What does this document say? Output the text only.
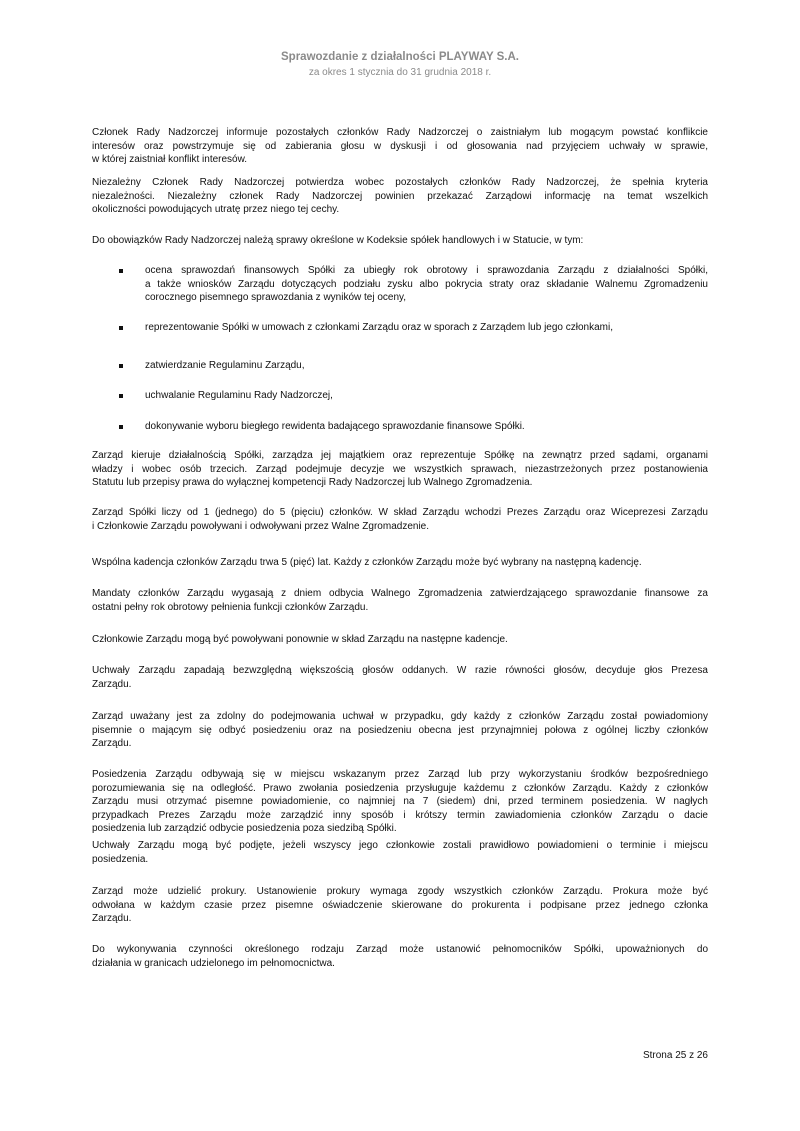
Sprawozdanie z działalności PLAYWAY S.A.
za okres 1 stycznia do 31 grudnia 2018 r.
Członek Rady Nadzorczej informuje pozostałych członków Rady Nadzorczej o zaistniałym lub mogącym powstać konflikcie
interesów oraz powstrzymuje się od zabierania głosu w dyskusji i od głosowania nad przyjęciem uchwały w sprawie,
w której zaistniał konflikt interesów.
Niezależny Członek Rady Nadzorczej potwierdza wobec pozostałych członków Rady Nadzorczej, że spełnia kryteria
niezależności. Niezależny członek Rady Nadzorczej powinien przekazać Zarządowi informację na temat wszelkich
okoliczności powodujących utratę przez niego tej cechy.
Do obowiązków Rady Nadzorczej należą sprawy określone w Kodeksie spółek handlowych i w Statucie, w tym:
ocena sprawozdań finansowych Spółki za ubiegły rok obrotowy i sprawozdania Zarządu z działalności Spółki,
a także wniosków Zarządu dotyczących podziału zysku albo pokrycia straty oraz składanie Walnemu Zgromadzeniu
corocznego pisemnego sprawozdania z wyników tej oceny,
reprezentowanie Spółki w umowach z członkami Zarządu oraz w sporach z Zarządem lub jego członkami,
zatwierdzanie Regulaminu Zarządu,
uchwalanie Regulaminu Rady Nadzorczej,
dokonywanie wyboru biegłego rewidenta badającego sprawozdanie finansowe Spółki.
Zarząd kieruje działalnością Spółki, zarządza jej majątkiem oraz reprezentuje Spółkę na zewnątrz przed sądami, organami
władzy i wobec osób trzecich. Zarząd podejmuje decyzje we wszystkich sprawach, niezastrzeżonych przez postanowienia
Statutu lub przepisy prawa do wyłącznej kompetencji Rady Nadzorczej lub Walnego Zgromadzenia.
Zarząd Spółki liczy od 1 (jednego) do 5 (pięciu) członków. W skład Zarządu wchodzi Prezes Zarządu oraz Wiceprezesi Zarządu
i Członkowie Zarządu powoływani i odwoływani przez Walne Zgromadzenie.
Wspólna kadencja członków Zarządu trwa 5 (pięć) lat. Każdy z członków Zarządu może być wybrany na następną kadencję.
Mandaty członków Zarządu wygasają z dniem odbycia Walnego Zgromadzenia zatwierdzającego sprawozdanie finansowe za
ostatni pełny rok obrotowy pełnienia funkcji członków Zarządu.
Członkowie Zarządu mogą być powoływani ponownie w skład Zarządu na następne kadencje.
Uchwały Zarządu zapadają bezwzględną większością głosów oddanych. W razie równości głosów, decyduje głos Prezesa
Zarządu.
Zarząd uważany jest za zdolny do podejmowania uchwał w przypadku, gdy każdy z członków Zarządu został powiadomiony
pisemnie o mającym się odbyć posiedzeniu oraz na posiedzeniu obecna jest przynajmniej połowa z ogólnej liczby członków
Zarządu.
Posiedzenia Zarządu odbywają się w miejscu wskazanym przez Zarząd lub przy wykorzystaniu środków bezpośredniego
porozumiewania się na odległość. Prawo zwołania posiedzenia przysługuje każdemu z członków Zarządu. Każdy z członków
Zarządu musi otrzymać pisemne powiadomienie, co najmniej na 7 (siedem) dni, przed terminem posiedzenia. W nagłych
przypadkach Prezes Zarządu może zarządzić inny sposób i krótszy termin zawiadomienia członków Zarządu o dacie
posiedzenia lub zarządzić odbycie posiedzenia poza siedzibą Spółki.
Uchwały Zarządu mogą być podjęte, jeżeli wszyscy jego członkowie zostali prawidłowo powiadomieni o terminie i miejscu
posiedzenia.
Zarząd może udzielić prokury. Ustanowienie prokury wymaga zgody wszystkich członków Zarządu. Prokura może być
odwołana w każdym czasie przez pisemne oświadczenie skierowane do prokurenta i podpisane przez jednego członka
Zarządu.
Do wykonywania czynności określonego rodzaju Zarząd może ustanowić pełnomocników Spółki, upoważnionych do
działania w granicach udzielonego im pełnomocnictwa.
Strona 25 z 26
